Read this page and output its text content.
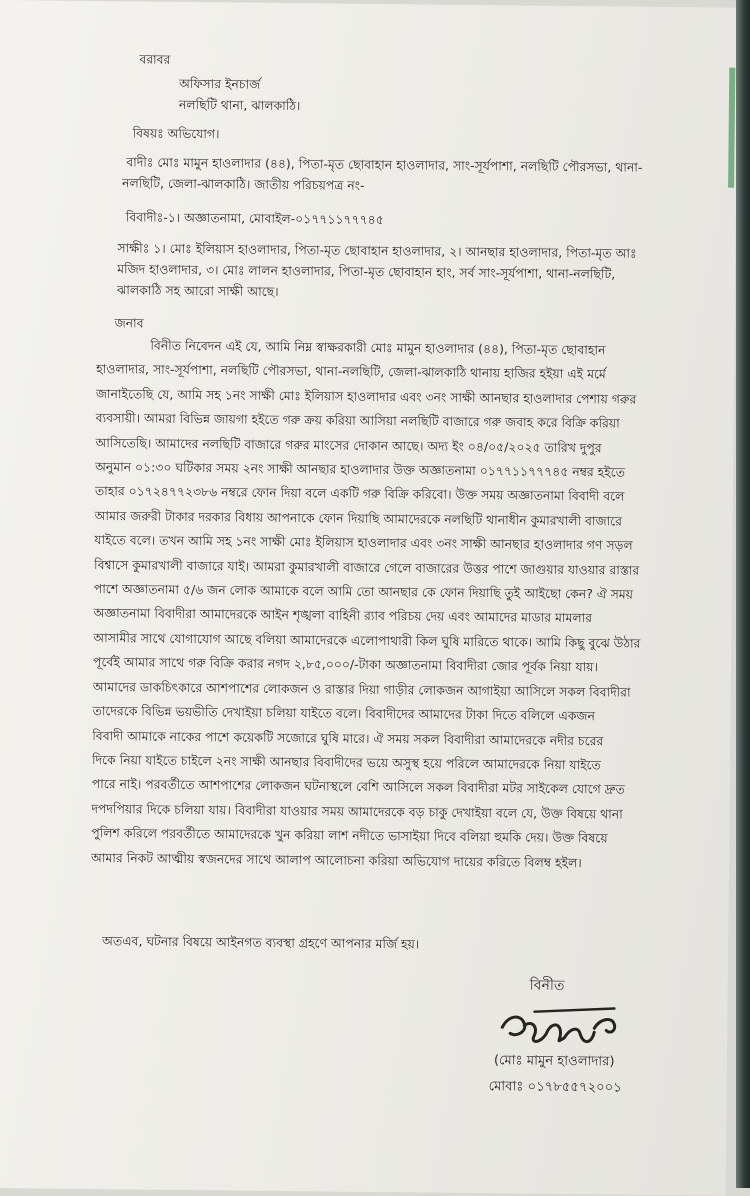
বরাবর
অফিসার ইনচার্জ
নলছিটি থানা, ঝালকাঠি।
বিষয়ঃ অভিযোগ।
বাদীঃ মোঃ মামুন হাওলাদার (৪৪), পিতা-মৃত ছোবাহান হাওলাদার, সাং-সূর্যপাশা, নলছিটি পৌরসভা, থানা-
নলছিটি, জেলা-ঝালকাঠি। জাতীয় পরিচয়পত্র নং-
বিবাদীঃ-১। অজ্ঞাতনামা, মোবাইল-০১৭৭১১৭৭৭৪৫
সাক্ষীঃ ১। মোঃ ইলিয়াস হাওলাদার, পিতা-মৃত ছোবাহান হাওলাদার, ২। আনছার হাওলাদার, পিতা-মৃত আঃ
মজিদ হাওলাদার, ৩। মোঃ লালন হাওলাদার, পিতা-মৃত ছোবাহান হাং, সর্ব সাং-সূর্যপাশা, থানা-নলছিটি,
ঝালকাঠি সহ আরো সাক্ষী আছে।
জনাব
বিনীত নিবেদন এই যে, আমি নিম্ন স্বাক্ষরকারী মোঃ মামুন হাওলাদার (৪৪), পিতা-মৃত ছোবাহান
হাওলাদার, সাং-সূর্যপাশা, নলছিটি পৌরসভা, থানা-নলছিটি, জেলা-ঝালকাঠি থানায় হাজির হইয়া এই মর্মে
জানাইতেছি যে, আমি সহ ১নং সাক্ষী মোঃ ইলিয়াস হাওলাদার এবং ৩নং সাক্ষী আনছার হাওলাদার পেশায় গরুর
ব্যবসায়ী। আমরা বিভিন্ন জায়গা হইতে গরু ক্রয় করিয়া আসিয়া নলছিটি বাজারে গরু জবাহ করে বিক্রি করিয়া
আসিতেছি। আমাদের নলছিটি বাজারে গরুর মাংসের দোকান আছে। অদ্য ইং ০৪/০৫/২০২৫ তারিখ দুপুর
অনুমান ০১:৩০ ঘটিকার সময় ২নং সাক্ষী আনছার হাওলাদার উক্ত অজ্ঞাতনামা ০১৭৭১১৭৭৭৪৫ নম্বর হইতে
তাহার ০১৭২৪৭৭২৩৮৬ নম্বরে ফোন দিয়া বলে একটি গরু বিক্রি করিবো। উক্ত সময় অজ্ঞাতনামা বিবাদী বলে
আমার জরুরী টাকার দরকার বিধায় আপনাকে ফোন দিয়াছি আমাদেরকে নলছিটি থানাধীন কুমারখালী বাজারে
যাইতে বলে। তখন আমি সহ ১নং সাক্ষী মোঃ ইলিয়াস হাওলাদার এবং ৩নং সাক্ষী আনছার হাওলাদার গণ সড়ল
বিশ্বাসে কুমারখালী বাজারে যাই। আমরা কুমারখালী বাজারে গেলে বাজারের উত্তর পাশে জাগুয়ার যাওয়ার রাস্তার
পাশে অজ্ঞাতনামা ৫/৬ জন লোক আমাকে বলে আমি তো আনছার কে ফোন দিয়াছি তুই আইছো কেন? ঐ সময়
অজ্ঞাতনামা বিবাদীরা আমাদেরকে আইন শৃঙ্খলা বাহিনী র‍্যাব পরিচয় দেয় এবং আমাদের মাডার মামলার
আসামীর সাথে যোগাযোগ আছে বলিয়া আমাদেরকে এলোপাথারী কিল ঘুষি মারিতে থাকে। আমি কিছু বুঝে উঠার
পূর্বেই আমার সাথে গরু বিক্রি করার নগদ ২,৮৫,০০০/-টাকা অজ্ঞাতনামা বিবাদীরা জোর পূর্বক নিয়া যায়।
আমাদের ডাকচিৎকারে আশপাশের লোকজন ও রাস্তার দিয়া গাড়ীর লোকজন আগাইয়া আসিলে সকল বিবাদীরা
তাদেরকে বিভিন্ন ভয়ভীতি দেখাইয়া চলিয়া যাইতে বলে। বিবাদীদের আমাদের টাকা দিতে বলিলে একজন
বিবাদী আমাকে নাকের পাশে কয়েকটি সজোরে ঘুষি মারে। ঐ সময় সকল বিবাদীরা আমাদেরকে নদীর চরের
দিকে নিয়া যাইতে চাইলে ২নং সাক্ষী আনছার বিবাদীদের ভয়ে অসুস্থ হয়ে পরিলে আমাদেরকে নিয়া যাইতে
পারে নাই। পরবর্তীতে আশপাশের লোকজন ঘটনাস্থলে বেশি আসিলে সকল বিবাদীরা মটর সাইকেল যোগে দ্রুত
দপদপিয়ার দিকে চলিয়া যায়। বিবাদীরা যাওয়ার সময় আমাদেরকে বড় চাকু দেখাইয়া বলে যে, উক্ত বিষয়ে থানা
পুলিশ করিলে পরবর্তীতে আমাদেরকে খুন করিয়া লাশ নদীতে ভাসাইয়া দিবে বলিয়া হুমকি দেয়। উক্ত বিষয়ে
আমার নিকট আত্মীয় স্বজনদের সাথে আলাপ আলোচনা করিয়া অভিযোগ দায়ের করিতে বিলম্ব হইল।
অতএব, ঘটনার বিষয়ে আইনগত ব্যবস্থা গ্রহণে আপনার মর্জি হয়।
বিনীত
(মোঃ মামুন হাওলাদার)
মোবাঃ ০১৭৮৫৫৭২০০১
